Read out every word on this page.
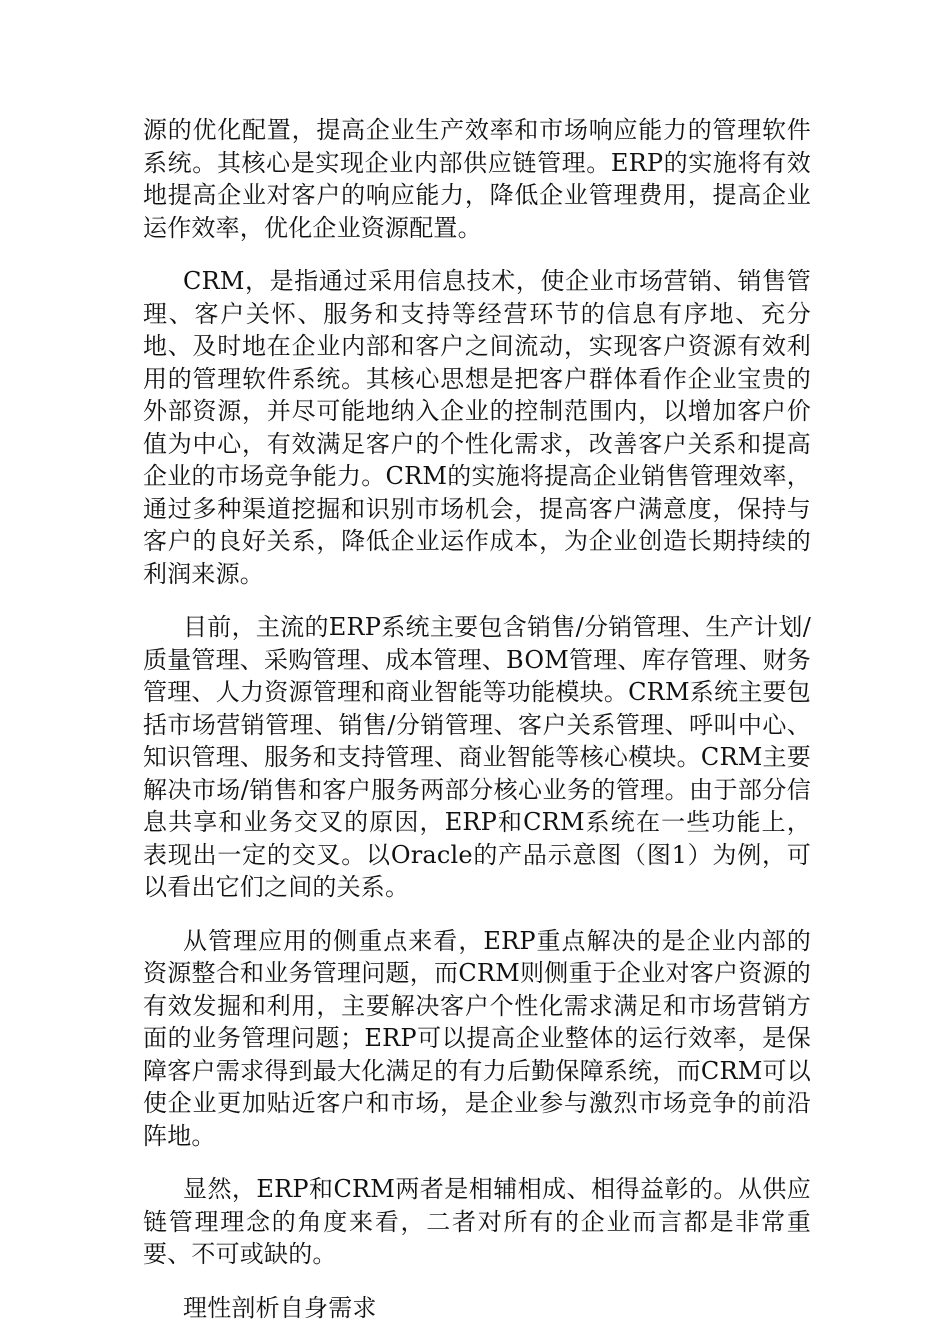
源的优化配置，提高企业生产效率和市场响应能力的管理软件系统。其核心是实现企业内部供应链管理。ERP的实施将有效地提高企业对客户的响应能力，降低企业管理费用，提高企业运作效率，优化企业资源配置。

CRM，是指通过采用信息技术，使企业市场营销、销售管理、客户关怀、服务和支持等经营环节的信息有序地、充分地、及时地在企业内部和客户之间流动，实现客户资源有效利用的管理软件系统。其核心思想是把客户群体看作企业宝贵的外部资源，并尽可能地纳入企业的控制范围内，以增加客户价值为中心，有效满足客户的个性化需求，改善客户关系和提高企业的市场竞争能力。CRM的实施将提高企业销售管理效率，通过多种渠道挖掘和识别市场机会，提高客户满意度，保持与客户的良好关系，降低企业运作成本，为企业创造长期持续的利润来源。

目前，主流的ERP系统主要包含销售/分销管理、生产计划/质量管理、采购管理、成本管理、BOM管理、库存管理、财务管理、人力资源管理和商业智能等功能模块。CRM系统主要包括市场营销管理、销售/分销管理、客户关系管理、呼叫中心、知识管理、服务和支持管理、商业智能等核心模块。CRM主要解决市场/销售和客户服务两部分核心业务的管理。由于部分信息共享和业务交叉的原因，ERP和CRM系统在一些功能上，表现出一定的交叉。以Oracle的产品示意图（图1）为例，可以看出它们之间的关系。

从管理应用的侧重点来看，ERP重点解决的是企业内部的资源整合和业务管理问题，而CRM则侧重于企业对客户资源的有效发掘和利用，主要解决客户个性化需求满足和市场营销方面的业务管理问题；ERP可以提高企业整体的运行效率，是保障客户需求得到最大化满足的有力后勤保障系统，而CRM可以使企业更加贴近客户和市场，是企业参与激烈市场竞争的前沿阵地。

显然，ERP和CRM两者是相辅相成、相得益彰的。从供应链管理理念的角度来看，二者对所有的企业而言都是非常重要、不可或缺的。

理性剖析自身需求
